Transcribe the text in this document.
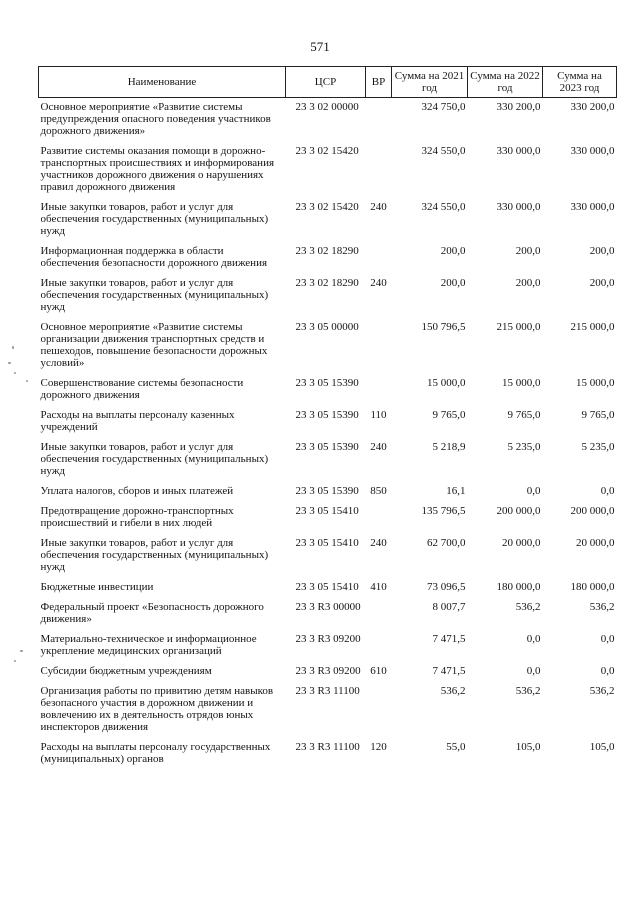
571
Наименование	ЦСР	ВР	Сумма на 2021 год	Сумма на 2022 год	Сумма на 2023 год
Основное мероприятие «Развитие системы предупреждения опасного поведения участников дорожного движения»	23 3 02 00000		324 750,0	330 200,0	330 200,0
Развитие системы оказания помощи в дорожно-транспортных происшествиях и информирования участников дорожного движения о нарушениях правил дорожного движения	23 3 02 15420		324 550,0	330 000,0	330 000,0
Иные закупки товаров, работ и услуг для обеспечения государственных (муниципальных) нужд	23 3 02 15420	240	324 550,0	330 000,0	330 000,0
Информационная поддержка в области обеспечения безопасности дорожного движения	23 3 02 18290		200,0	200,0	200,0
Иные закупки товаров, работ и услуг для обеспечения государственных (муниципальных) нужд	23 3 02 18290	240	200,0	200,0	200,0
Основное мероприятие «Развитие системы организации движения транспортных средств и пешеходов, повышение безопасности дорожных условий»	23 3 05 00000		150 796,5	215 000,0	215 000,0
Совершенствование системы безопасности дорожного движения	23 3 05 15390		15 000,0	15 000,0	15 000,0
Расходы на выплаты персоналу казенных учреждений	23 3 05 15390	110	9 765,0	9 765,0	9 765,0
Иные закупки товаров, работ и услуг для обеспечения государственных (муниципальных) нужд	23 3 05 15390	240	5 218,9	5 235,0	5 235,0
Уплата налогов, сборов и иных платежей	23 3 05 15390	850	16,1	0,0	0,0
Предотвращение дорожно-транспортных происшествий и гибели в них людей	23 3 05 15410		135 796,5	200 000,0	200 000,0
Иные закупки товаров, работ и услуг для обеспечения государственных (муниципальных) нужд	23 3 05 15410	240	62 700,0	20 000,0	20 000,0
Бюджетные инвестиции	23 3 05 15410	410	73 096,5	180 000,0	180 000,0
Федеральный проект «Безопасность дорожного движения»	23 3 R3 00000		8 007,7	536,2	536,2
Материально-техническое и информационное укрепление медицинских организаций	23 3 R3 09200		7 471,5	0,0	0,0
Субсидии бюджетным учреждениям	23 3 R3 09200	610	7 471,5	0,0	0,0
Организация работы по привитию детям навыков безопасного участия в дорожном движении и вовлечению их в деятельность отрядов юных инспекторов движения	23 3 R3 11100		536,2	536,2	536,2
Расходы на выплаты персоналу государственных (муниципальных) органов	23 3 R3 11100	120	55,0	105,0	105,0
